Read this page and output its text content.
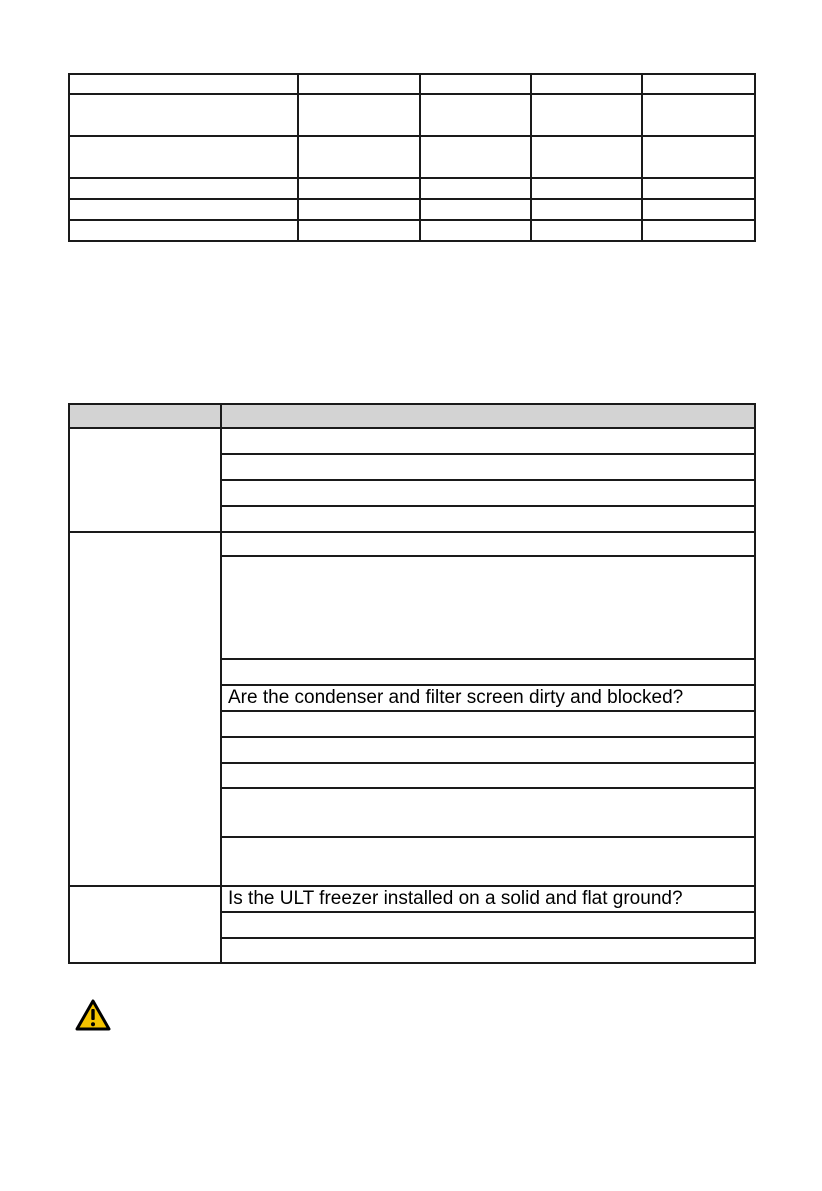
	Are the condenser and filter screen dirty and blocked?

	Is the ULT freezer installed on a solid and flat ground?
